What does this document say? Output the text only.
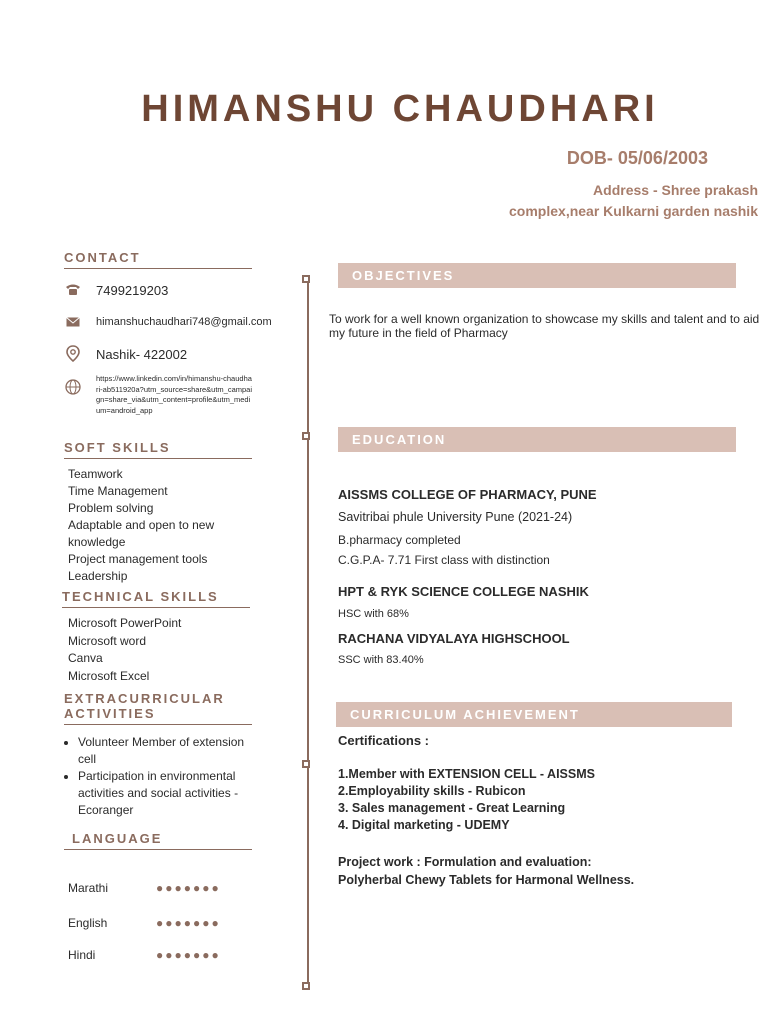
HIMANSHU CHAUDHARI
DOB- 05/06/2003
Address - Shree prakash
complex,near Kulkarni garden nashik
CONTACT
7499219203
himanshuchaudhari748@gmail.com
Nashik- 422002
https://www.linkedin.com/in/himanshu-chaudhari-ab511920a?utm_source=share&utm_campaign=share_via&utm_content=profile&utm_medium=android_app
SOFT SKILLS
Teamwork
Time Management
Problem solving
Adaptable and open to new knowledge
Project management tools
Leadership
TECHNICAL SKILLS
Microsoft PowerPoint
Microsoft word
Canva
Microsoft Excel
EXTRACURRICULAR
ACTIVITIES
• Volunteer Member of extension cell
• Participation in environmental activities and social activities - Ecoranger
LANGUAGE
Marathi	●●●●●●●
English	●●●●●●●
Hindi	●●●●●●●
OBJECTIVES
To work for a well known organization to showcase my skills and talent and to aid my future in the field of Pharmacy
EDUCATION
AISSMS COLLEGE OF PHARMACY, PUNE
Savitribai phule University Pune (2021-24)
B.pharmacy completed
C.G.P.A- 7.71 First class with distinction
HPT & RYK SCIENCE COLLEGE NASHIK
HSC with 68%
RACHANA VIDYALAYA HIGHSCHOOL
SSC with 83.40%
CURRICULUM ACHIEVEMENT
Certifications :
1.Member with EXTENSION CELL - AISSMS
2.Employability skills - Rubicon
3. Sales management - Great Learning
4. Digital marketing - UDEMY
Project work : Formulation and evaluation: Polyherbal Chewy Tablets for Harmonal Wellness.
